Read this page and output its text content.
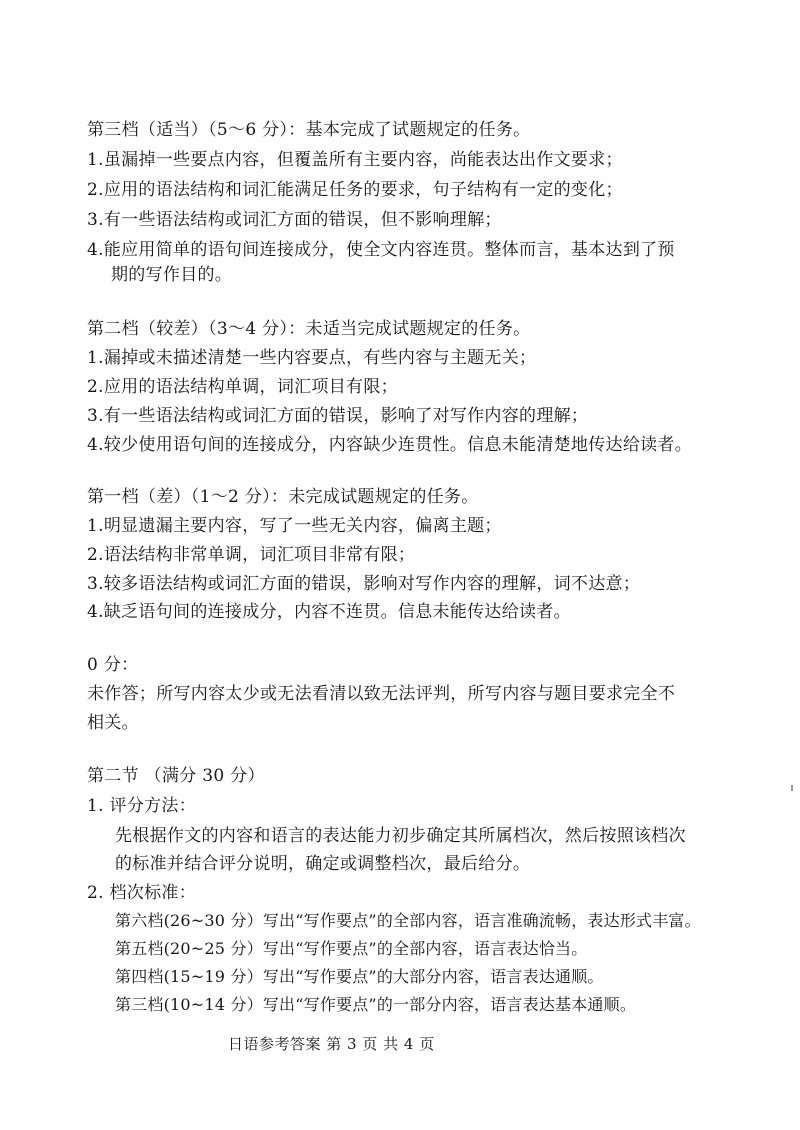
第三档（适当）（5～6 分）：基本完成了试题规定的任务。
1.虽漏掉一些要点内容，但覆盖所有主要内容，尚能表达出作文要求；
2.应用的语法结构和词汇能满足任务的要求，句子结构有一定的变化；
3.有一些语法结构或词汇方面的错误，但不影响理解；
4.能应用简单的语句间连接成分，使全文内容连贯。整体而言，基本达到了预
期的写作目的。
第二档（较差）（3～4 分）：未适当完成试题规定的任务。
1.漏掉或未描述清楚一些内容要点，有些内容与主题无关；
2.应用的语法结构单调，词汇项目有限；
3.有一些语法结构或词汇方面的错误，影响了对写作内容的理解；
4.较少使用语句间的连接成分，内容缺少连贯性。信息未能清楚地传达给读者。
第一档（差）（1～2 分）：未完成试题规定的任务。
1.明显遗漏主要内容，写了一些无关内容，偏离主题；
2.语法结构非常单调，词汇项目非常有限；
3.较多语法结构或词汇方面的错误，影响对写作内容的理解，词不达意；
4.缺乏语句间的连接成分，内容不连贯。信息未能传达给读者。
0 分：
未作答；所写内容太少或无法看清以致无法评判，所写内容与题目要求完全不
相关。
第二节 （满分 30 分）
1. 评分方法：
先根据作文的内容和语言的表达能力初步确定其所属档次，然后按照该档次
的标准并结合评分说明，确定或调整档次，最后给分。
2. 档次标准：
第六档(26~30 分）写出“写作要点”的全部内容，语言准确流畅，表达形式丰富。
第五档(20~25 分）写出“写作要点”的全部内容，语言表达恰当。
第四档(15~19 分）写出“写作要点”的大部分内容，语言表达通顺。
第三档(10~14 分）写出“写作要点”的一部分内容，语言表达基本通顺。
日语参考答案 第 3 页 共 4 页
